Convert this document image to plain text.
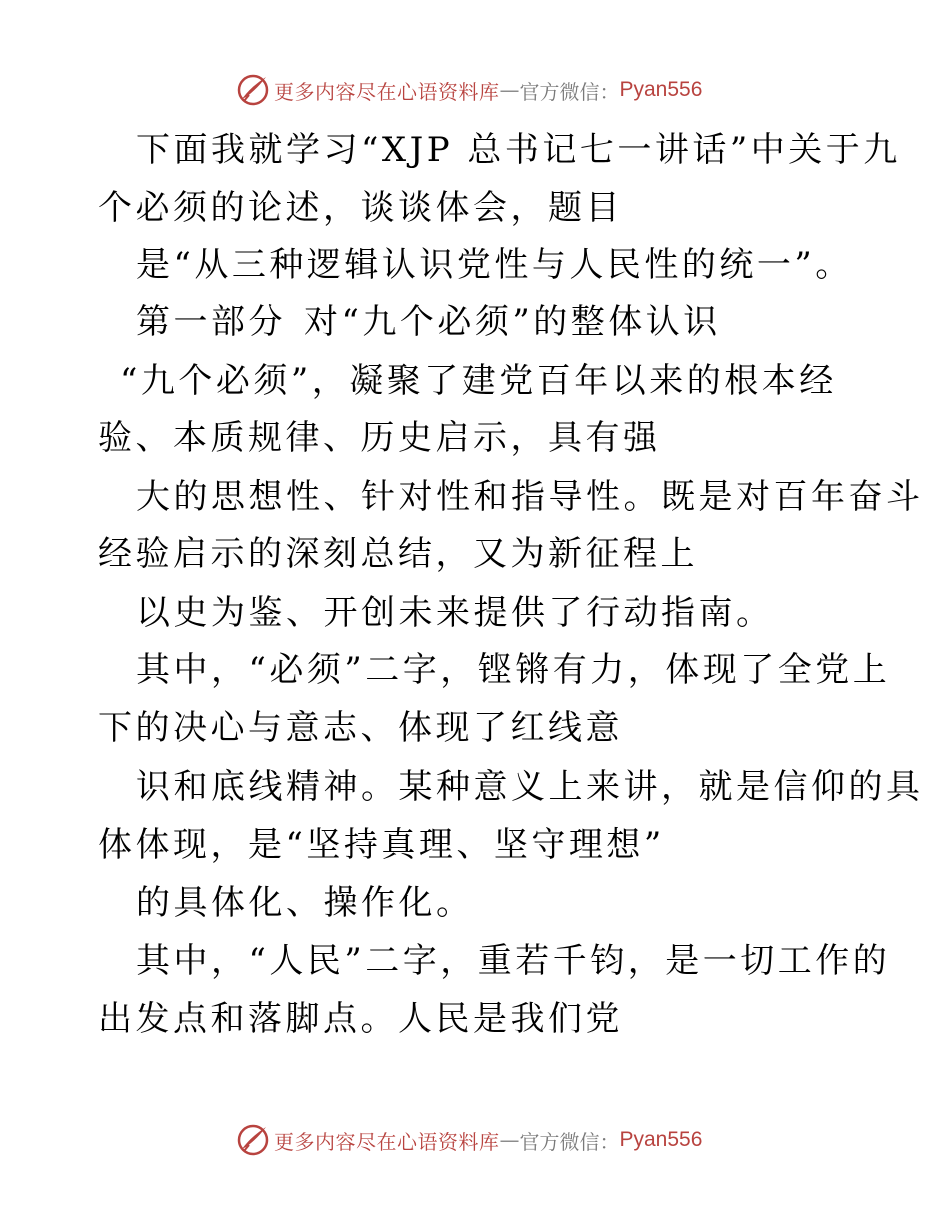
更多内容尽在心语资料库 — 官方微信： Pyan556
下面我就学习“XJP 总书记七一讲话”中关于九
个必须的论述，谈谈体会，题目
是“从三种逻辑认识党性与人民性的统一”。
第一部分 对“九个必须”的整体认识
“九个必须”，凝聚了建党百年以来的根本经
验、本质规律、历史启示，具有强
大的思想性、针对性和指导性。既是对百年奋斗
经验启示的深刻总结，又为新征程上
以史为鉴、开创未来提供了行动指南。
其中，“必须”二字，铿锵有力，体现了全党上
下的决心与意志、体现了红线意
识和底线精神。某种意义上来讲，就是信仰的具
体体现，是“坚持真理、坚守理想”
的具体化、操作化。
其中，“人民”二字，重若千钧，是一切工作的
出发点和落脚点。人民是我们党
更多内容尽在心语资料库 — 官方微信： Pyan556
